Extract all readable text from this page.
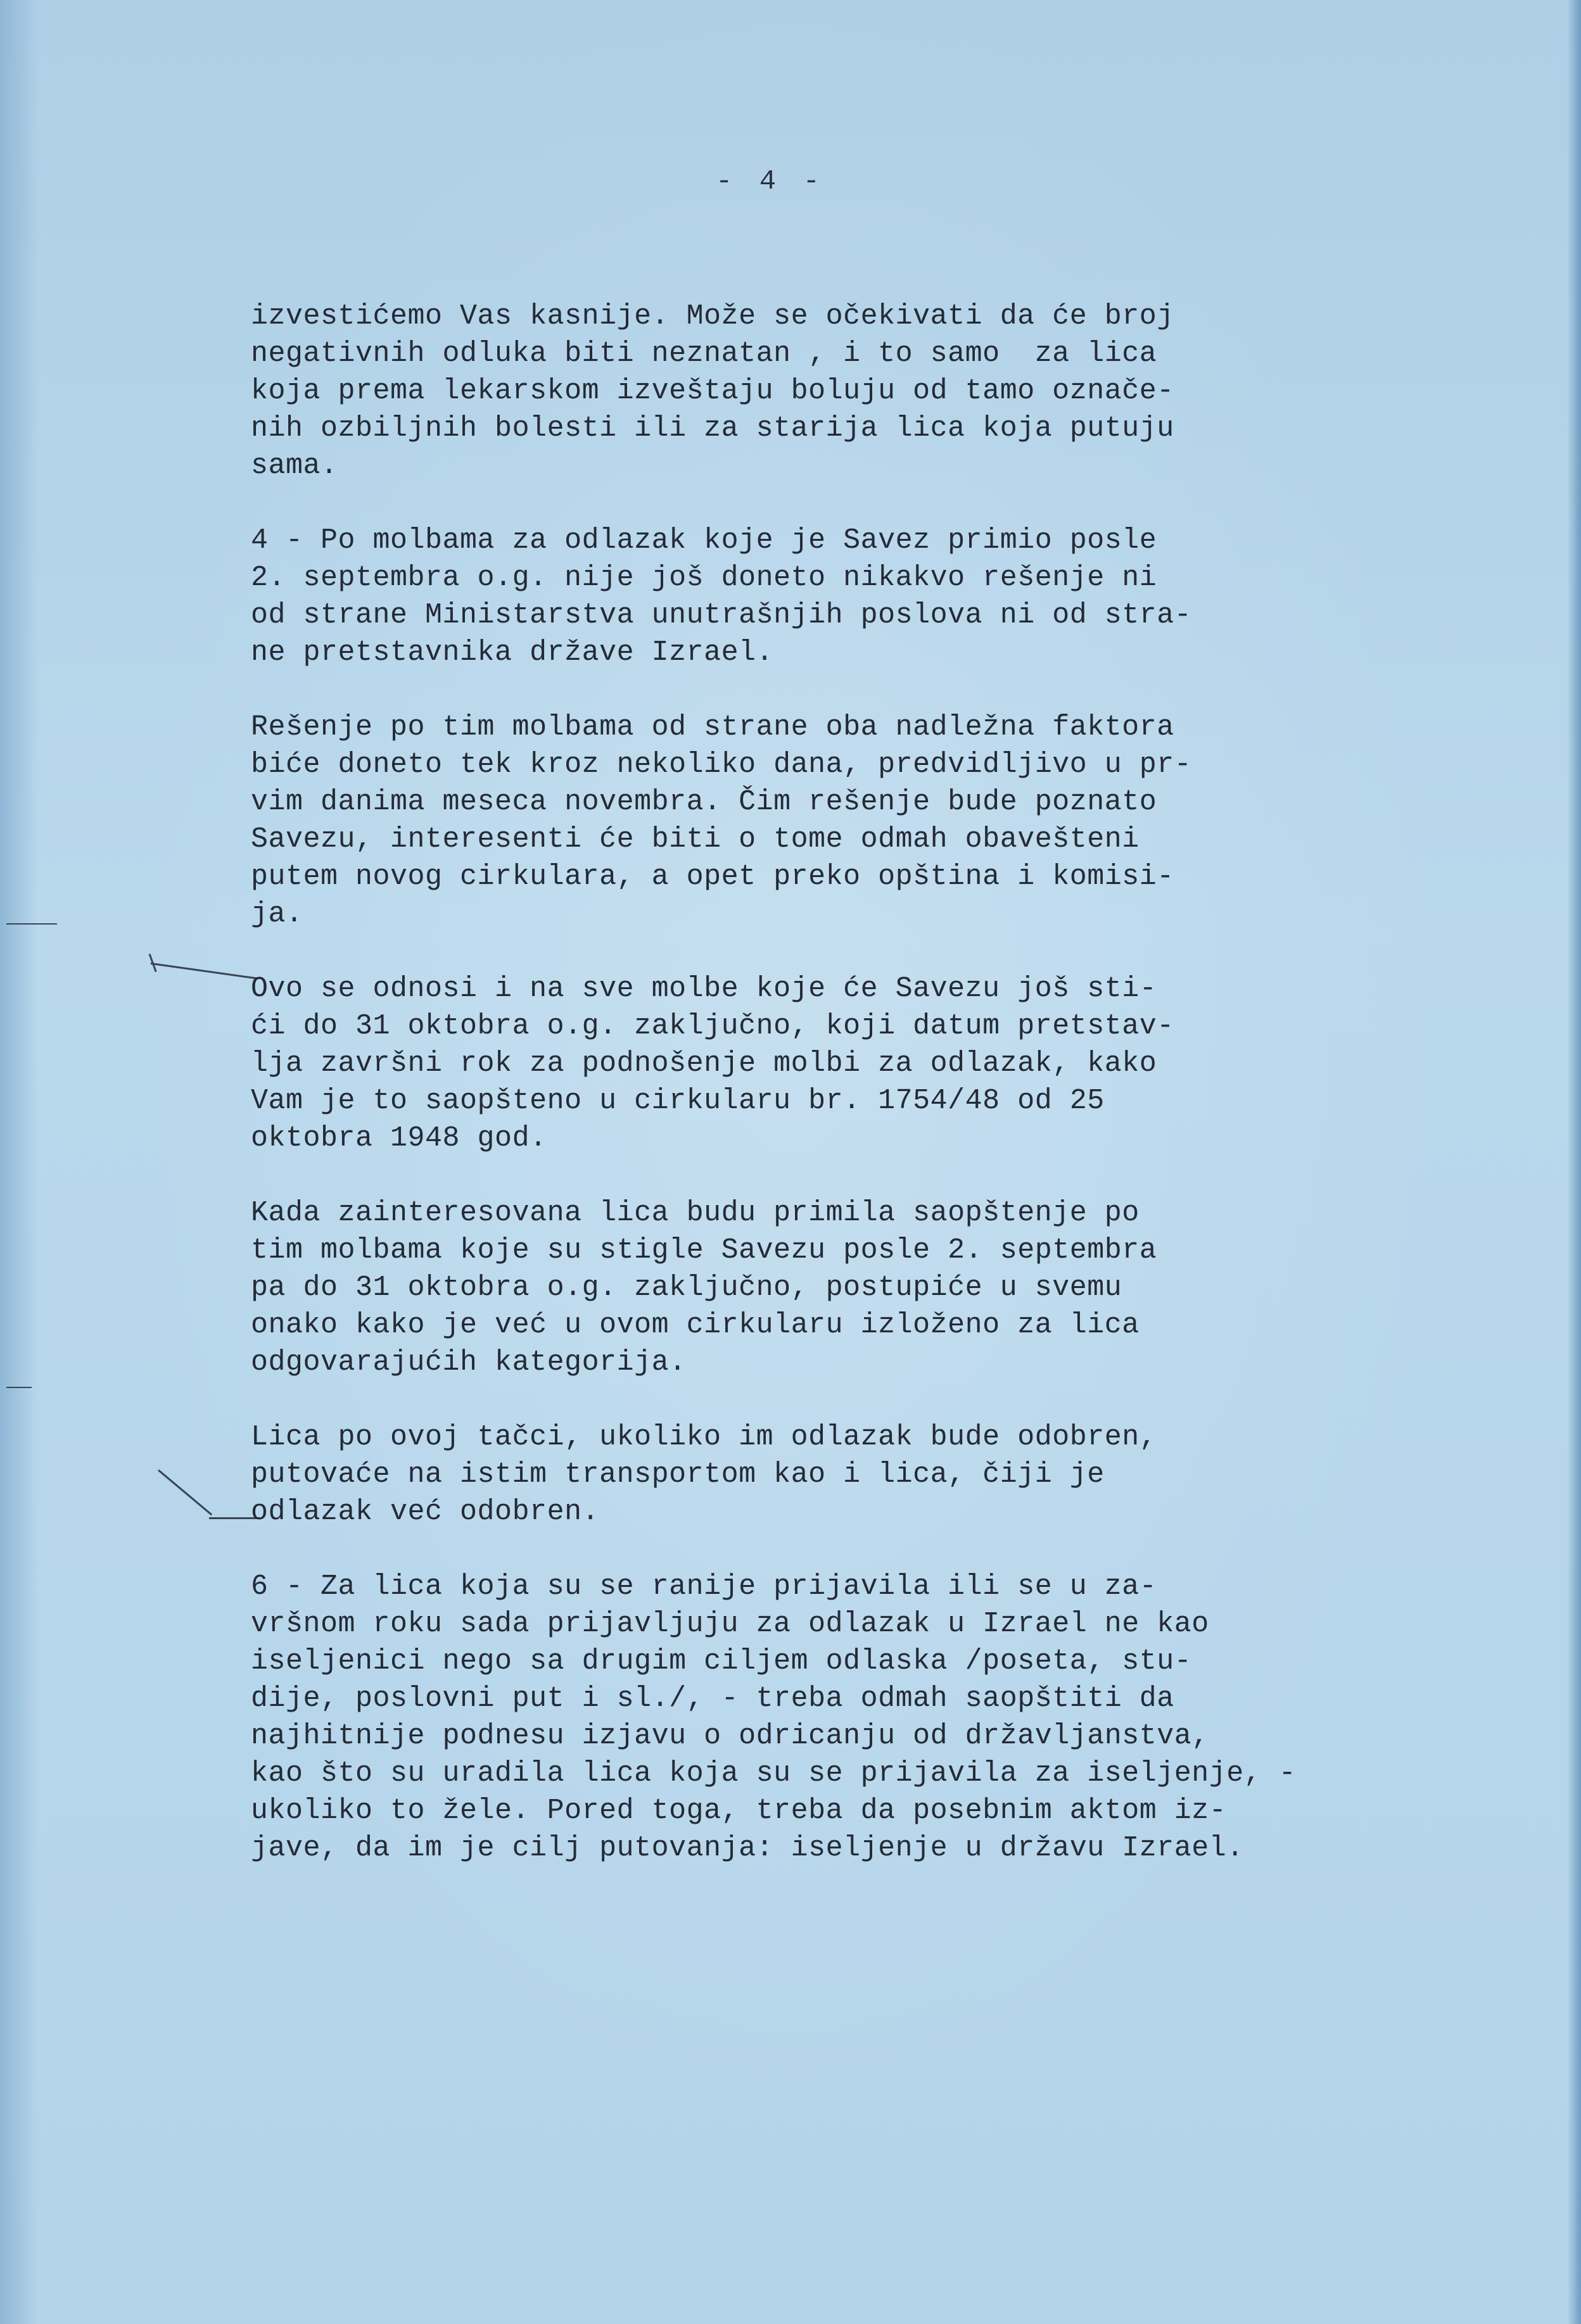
- 4 -
izvestićemo Vas kasnije. Može se očekivati da će broj
negativnih odluka biti neznatan , i to samo  za lica
koja prema lekarskom izveštaju boluju od tamo označe-
nih ozbiljnih bolesti ili za starija lica koja putuju
sama.
4 - Po molbama za odlazak koje je Savez primio posle
2. septembra o.g. nije još doneto nikakvo rešenje ni
od strane Ministarstva unutrašnjih poslova ni od stra-
ne pretstavnika države Izrael.
Rešenje po tim molbama od strane oba nadležna faktora
biće doneto tek kroz nekoliko dana, predvidljivo u pr-
vim danima meseca novembra. Čim rešenje bude poznato
Savezu, interesenti će biti o tome odmah obavešteni
putem novog cirkulara, a opet preko opština i komisi-
ja.
Ovo se odnosi i na sve molbe koje će Savezu još sti-
ći do 31 oktobra o.g. zaključno, koji datum pretstav-
lja završni rok za podnošenje molbi za odlazak, kako
Vam je to saopšteno u cirkularu br. 1754/48 od 25
oktobra 1948 god.
Kada zainteresovana lica budu primila saopštenje po
tim molbama koje su stigle Savezu posle 2. septembra
pa do 31 oktobra o.g. zaključno, postupiće u svemu
onako kako je već u ovom cirkularu izloženo za lica
odgovarajućih kategorija.
Lica po ovoj tačci, ukoliko im odlazak bude odobren,
putovaće na istim transportom kao i lica, čiji je
odlazak već odobren.
6 - Za lica koja su se ranije prijavila ili se u za-
vršnom roku sada prijavljuju za odlazak u Izrael ne kao
iseljenici nego sa drugim ciljem odlaska /poseta, stu-
dije, poslovni put i sl./, - treba odmah saopštiti da
najhitnije podnesu izjavu o odricanju od državljanstva,
kao što su uradila lica koja su se prijavila za iseljenje, -
ukoliko to žele. Pored toga, treba da posebnim aktom iz-
jave, da im je cilj putovanja: iseljenje u državu Izrael.
